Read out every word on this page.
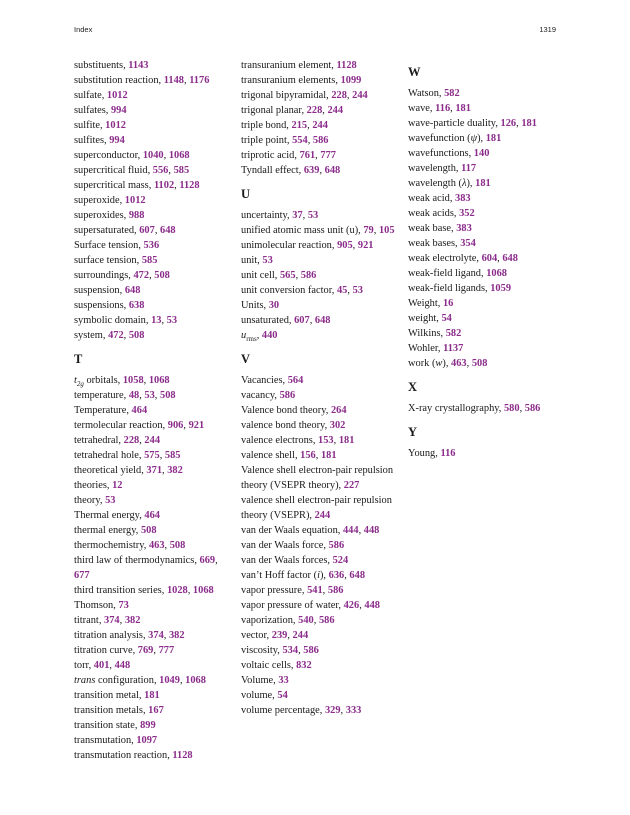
Index	1319
substituents, 1143
substitution reaction, 1148, 1176
sulfate, 1012
sulfates, 994
sulfite, 1012
sulfites, 994
superconductor, 1040, 1068
supercritical fluid, 556, 585
supercritical mass, 1102, 1128
superoxide, 1012
superoxides, 988
supersaturated, 607, 648
Surface tension, 536
surface tension, 585
surroundings, 472, 508
suspension, 648
suspensions, 638
symbolic domain, 13, 53
system, 472, 508
T
$t_{2g}$ orbitals, 1058, 1068
temperature, 48, 53, 508
Temperature, 464
termolecular reaction, 906, 921
tetrahedral, 228, 244
tetrahedral hole, 575, 585
theoretical yield, 371, 382
theories, 12
theory, 53
Thermal energy, 464
thermal energy, 508
thermochemistry, 463, 508
third law of thermodynamics, 669, 677
third transition series, 1028, 1068
Thomson, 73
titrant, 374, 382
titration analysis, 374, 382
titration curve, 769, 777
torr, 401, 448
trans configuration, 1049, 1068
transition metal, 181
transition metals, 167
transition state, 899
transmutation, 1097
transmutation reaction, 1128
transuranium element, 1128
transuranium elements, 1099
trigonal bipyramidal, 228, 244
trigonal planar, 228, 244
triple bond, 215, 244
triple point, 554, 586
triprotic acid, 761, 777
Tyndall effect, 639, 648
U
uncertainty, 37, 53
unified atomic mass unit (u), 79, 105
unimolecular reaction, 905, 921
unit, 53
unit cell, 565, 586
unit conversion factor, 45, 53
Units, 30
unsaturated, 607, 648
$u_{rms}$, 440
V
Vacancies, 564
vacancy, 586
Valence bond theory, 264
valence bond theory, 302
valence electrons, 153, 181
valence shell, 156, 181
Valence shell electron-pair repulsion theory (VSEPR theory), 227
valence shell electron-pair repulsion theory (VSEPR), 244
van der Waals equation, 444, 448
van der Waals force, 586
van der Waals forces, 524
van’t Hoff factor (i), 636, 648
vapor pressure, 541, 586
vapor pressure of water, 426, 448
vaporization, 540, 586
vector, 239, 244
viscosity, 534, 586
voltaic cells, 832
Volume, 33
volume, 54
volume percentage, 329, 333
W
Watson, 582
wave, 116, 181
wave-particle duality, 126, 181
wavefunction (ψ), 181
wavefunctions, 140
wavelength, 117
wavelength (λ), 181
weak acid, 383
weak acids, 352
weak base, 383
weak bases, 354
weak electrolyte, 604, 648
weak-field ligand, 1068
weak-field ligands, 1059
Weight, 16
weight, 54
Wilkins, 582
Wohler, 1137
work (w), 463, 508
X
X-ray crystallography, 580, 586
Y
Young, 116
